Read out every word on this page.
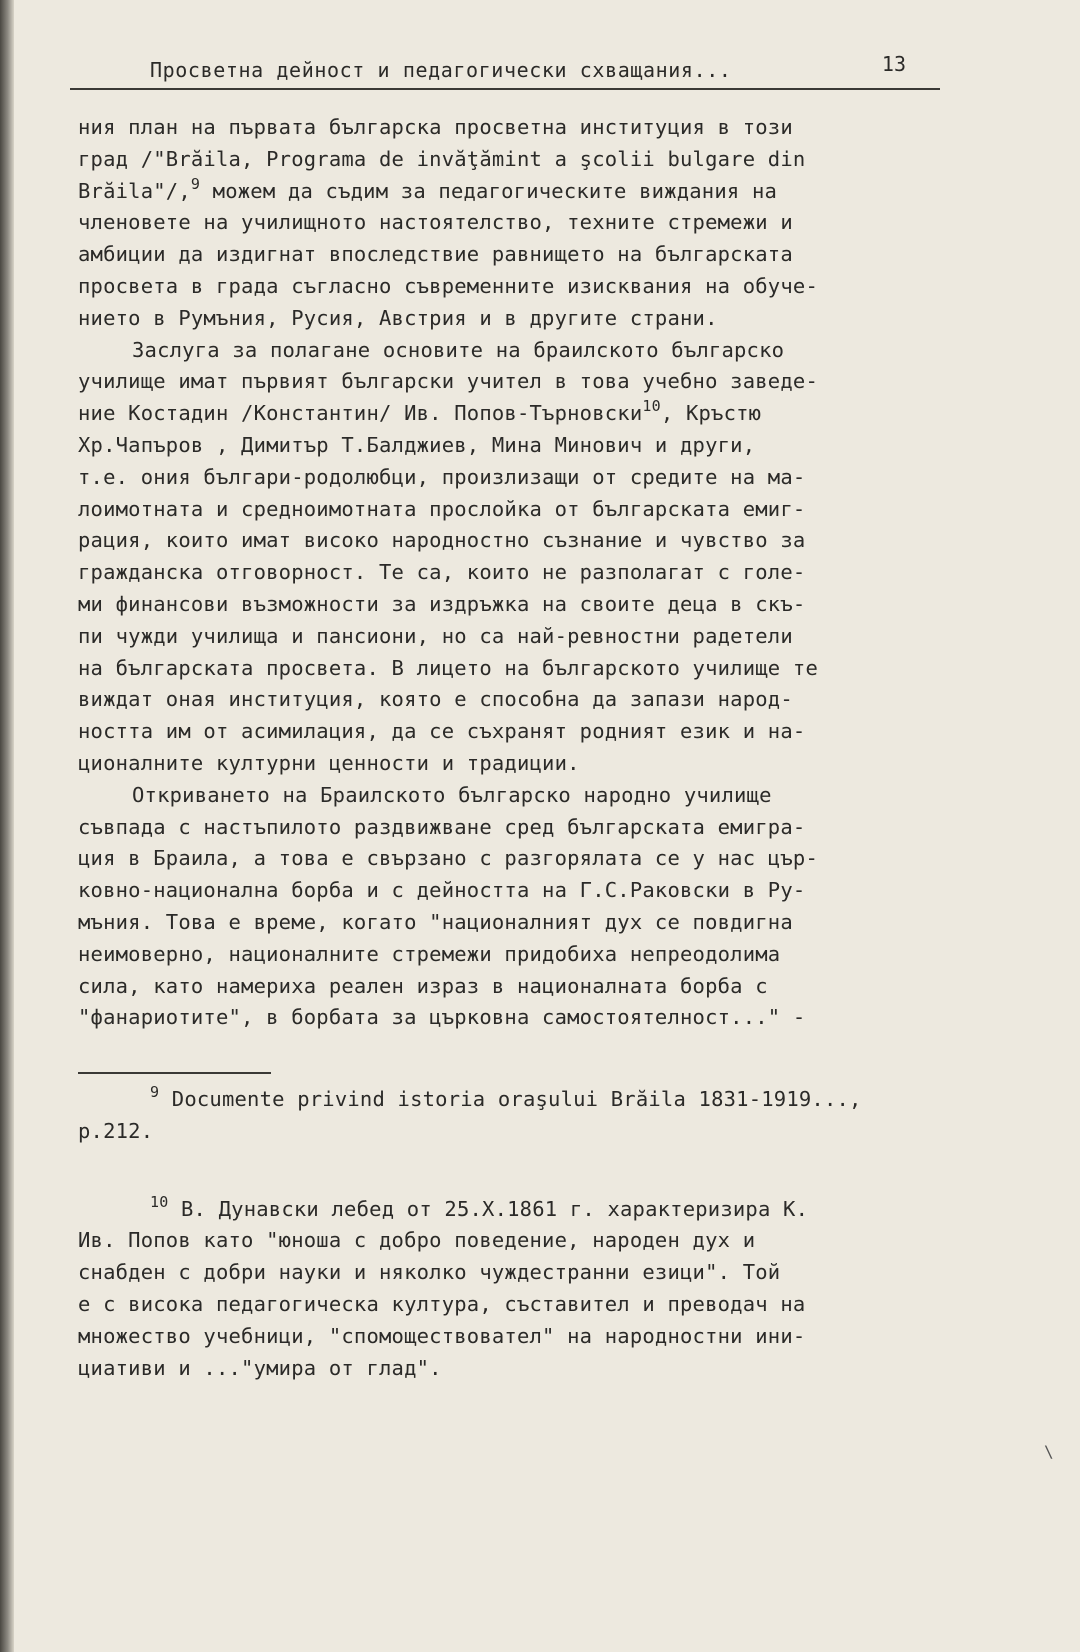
Просветна дейност и педагогически схващания...	13
ния план на първата българска просветна институция в този
град /"Brăila, Programa de invăţămint a şcolii bulgare din
Brăila"/,$^9$ можем да съдим за педагогическите виждания на
членовете на училищното настоятелство, техните стремежи и
амбиции да издигнат впоследствие равнището на българската
просвета в града съгласно съвременните изисквания на обуче-
нието в Румъния, Русия, Австрия и в другите страни.
Заслуга за полагане основите на браилското българско
училище имат първият български учител в това учебно заведе-
ние Костадин /Константин/ Ив. Попов-Търновски$^{10}$, Кръстю
Хр.Чапъров , Димитър Т.Балджиев, Мина Минович и други,
т.е. ония българи-родолюбци, произлизащи от средите на ма-
лоимотната и средноимотната прослойка от българската емиг-
рация, които имат високо народностно съзнание и чувство за
гражданска отговорност. Те са, които не разполагат с голе-
ми финансови възможности за издръжка на своите деца в скъ-
пи чужди училища и пансиони, но са най-ревностни радетели
на българската просвета. В лицето на българското училище те
виждат оная институция, която е способна да запази народ-
ността им от асимилация, да се съхранят родният език и на-
ционалните културни ценности и традиции.
Откриването на Браилското българско народно училище
съвпада с настъпилото раздвижване сред българската емигра-
ция в Браила, а това е свързано с разгорялата се у нас цър-
ковно-национална борба и с дейността на Г.С.Раковски в Ру-
мъния. Това е време, когато "националният дух се повдигна
неимоверно, националните стремежи придобиха непреодолима
сила, като намериха реален израз в националната борба с
"фанариотите", в борбата за църковна самостоятелност..." -
$^9$ Documente privind istoria oraşului Brăila 1831-1919...,
p.212.
$^{10}$ В. Дунавски лебед от 25.Х.1861 г. характеризира К.
Ив. Попов като "юноша с добро поведение, народен дух и
снабден с добри науки и няколко чуждестранни езици". Той
е с висока педагогическа култура, съставител и преводач на
множество учебници, "спомоществовател" на народностни ини-
циативи и ..."умира от глад".
\
